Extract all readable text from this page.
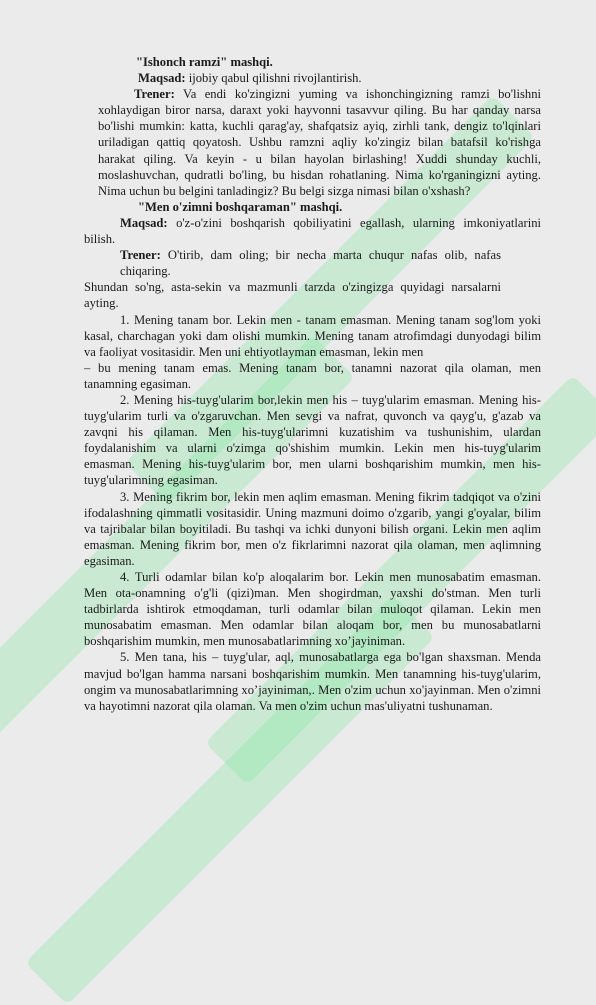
"Ishonch ramzi" mashqi.

Maqsad: ijobiy qabul qilishni rivojlantirish.

Trener: Va endi ko'zingizni yuming va ishonchingizning ramzi bo'lishni xohlaydigan biror narsa, daraxt yoki hayvonni tasavvur qiling. Bu har qanday narsa bo'lishi mumkin: katta, kuchli qarag'ay, shafqatsiz ayiq, zirhli tank, dengiz to'lqinlari uriladigan qattiq qoyatosh. Ushbu ramzni aqliy ko'zingiz bilan batafsil ko'rishga harakat qiling. Va keyin - u bilan hayolan birlashing! Xuddi shunday kuchli, moslashuvchan, qudratli bo'ling, bu hisdan rohatlaning. Nima ko'rganingizni ayting. Nima uchun bu belgini tanladingiz? Bu belgi sizga nimasi bilan o'xshash?

"Men o'zimni boshqaraman" mashqi.

Maqsad: o'z-o'zini boshqarish qobiliyatini egallash, ularning imkoniyatlarini bilish.

Trener: O'tirib, dam oling; bir necha marta chuqur nafas olib, nafas chiqaring.

Shundan so'ng, asta-sekin va mazmunli tarzda o'zingizga quyidagi narsalarni ayting.

1. Mening tanam bor. Lekin men - tanam emasman. Mening tanam sog'lom yoki kasal, charchagan yoki dam olishi mumkin. Mening tanam atrofimdagi dunyodagi bilim va faoliyat vositasidir. Men uni ehtiyotlayman emasman, lekin men

– bu mening tanam emas. Mening tanam bor, tanamni nazorat qila olaman, men tanamning egasiman.

2. Mening his-tuyg'ularim bor,lekin men his – tuyg'ularim emasman. Mening his-tuyg'ularim turli va o'zgaruvchan. Men sevgi va nafrat, quvonch va qayg'u, g'azab va zavqni his qilaman. Men his-tuyg'ularimni kuzatishim va tushunishim, ulardan foydalanishim va ularni o'zimga qo'shishim mumkin. Lekin men his-tuyg'ularim emasman. Mening his-tuyg'ularim bor, men ularni boshqarishim mumkin, men his-tuyg'ularimning egasiman.

3. Mening fikrim bor, lekin men aqlim emasman. Mening fikrim tadqiqot va o'zini ifodalashning qimmatli vositasidir. Uning mazmuni doimo o'zgarib, yangi g'oyalar, bilim va tajribalar bilan boyitiladi. Bu tashqi va ichki dunyoni bilish organi. Lekin men aqlim emasman. Mening fikrim bor, men o'z fikrlarimni nazorat qila olaman, men aqlimning egasiman.

4. Turli odamlar bilan ko'p aloqalarim bor. Lekin men munosabatim emasman. Men ota-onamning o'g'li (qizi)man. Men shogirdman, yaxshi do'stman. Men turli tadbirlarda ishtirok etmoqdaman, turli odamlar bilan muloqot qilaman. Lekin men munosabatim emasman. Men odamlar bilan aloqam bor, men bu munosabatlarni boshqarishim mumkin, men munosabatlarimning xo’jayiniman.

5. Men tana, his – tuyg'ular, aql, munosabatlarga ega bo'lgan shaxsman. Menda mavjud bo'lgan hamma narsani boshqarishim mumkin. Men tanamning his-tuyg'ularim, ongim va munosabatlarimning xo’jayiniman,. Men o'zim uchun xo'jayinman. Men o'zimni va hayotimni nazorat qila olaman. Va men o'zim uchun mas'uliyatni tushunaman.
